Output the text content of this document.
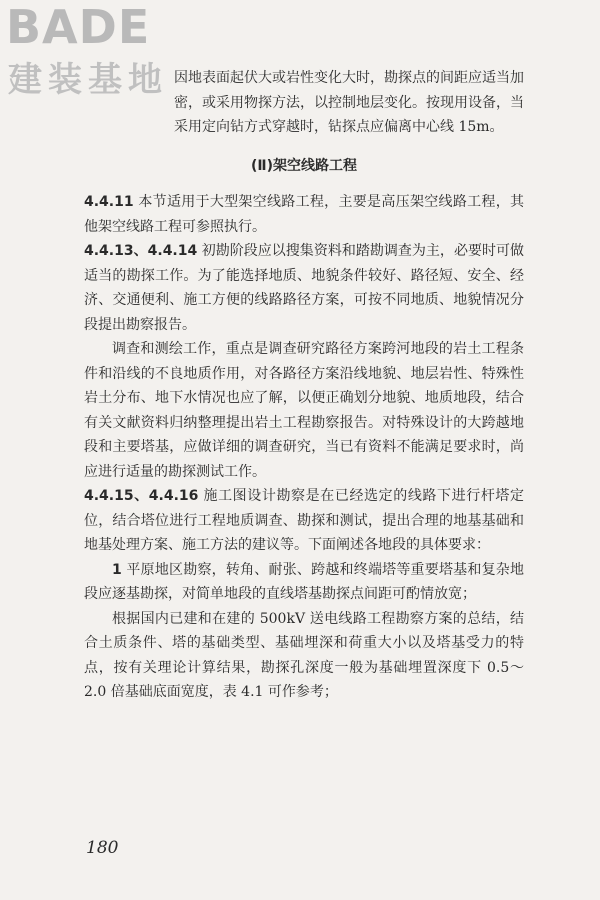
BADE
建装基地 因地表面起伏大或岩性变化大时，勘探点的间距应适当加密，或采用物探方法，以控制地层变化。按现用设备，当采用定向钻方式穿越时，钻探点应偏离中心线 15m。

(Ⅱ)架空线路工程

4.4.11 本节适用于大型架空线路工程，主要是高压架空线路工程，其他架空线路工程可参照执行。

4.4.13、4.4.14 初勘阶段应以搜集资料和踏勘调查为主，必要时可做适当的勘探工作。为了能选择地质、地貌条件较好、路径短、安全、经济、交通便利、施工方便的线路路径方案，可按不同地质、地貌情况分段提出勘察报告。

调查和测绘工作，重点是调查研究路径方案跨河地段的岩土工程条件和沿线的不良地质作用，对各路径方案沿线地貌、地层岩性、特殊性岩土分布、地下水情况也应了解，以便正确划分地貌、地质地段，结合有关文献资料归纳整理提出岩土工程勘察报告。对特殊设计的大跨越地段和主要塔基，应做详细的调查研究，当已有资料不能满足要求时，尚应进行适量的勘探测试工作。

4.4.15、4.4.16 施工图设计勘察是在已经选定的线路下进行杆塔定位，结合塔位进行工程地质调查、勘探和测试，提出合理的地基基础和地基处理方案、施工方法的建议等。下面阐述各地段的具体要求：

1 平原地区勘察，转角、耐张、跨越和终端塔等重要塔基和复杂地段应逐基勘探，对简单地段的直线塔基勘探点间距可酌情放宽；

根据国内已建和在建的 500kV 送电线路工程勘察方案的总结，结合土质条件、塔的基础类型、基础埋深和荷重大小以及塔基受力的特点，按有关理论计算结果，勘探孔深度一般为基础埋置深度下 0.5～2.0 倍基础底面宽度，表 4.1 可作参考；

180
